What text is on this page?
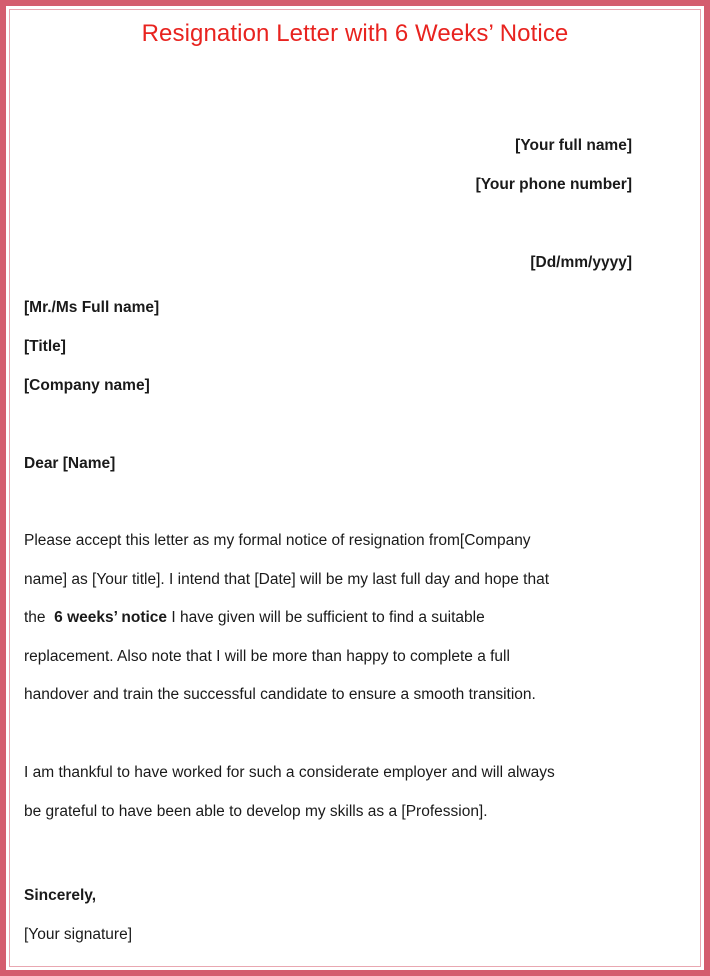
Resignation Letter with 6 Weeks’ Notice
[Your full name]
[Your phone number]
[Dd/mm/yyyy]
[Mr./Ms Full name]
[Title]
[Company name]
Dear [Name]
Please accept this letter as my formal notice of resignation from[Company
name] as [Your title]. I intend that [Date] will be my last full day and hope that
the  6 weeks’ notice I have given will be sufficient to find a suitable
replacement. Also note that I will be more than happy to complete a full
handover and train the successful candidate to ensure a smooth transition.
I am thankful to have worked for such a considerate employer and will always
be grateful to have been able to develop my skills as a [Profession].
Sincerely,
[Your signature]
